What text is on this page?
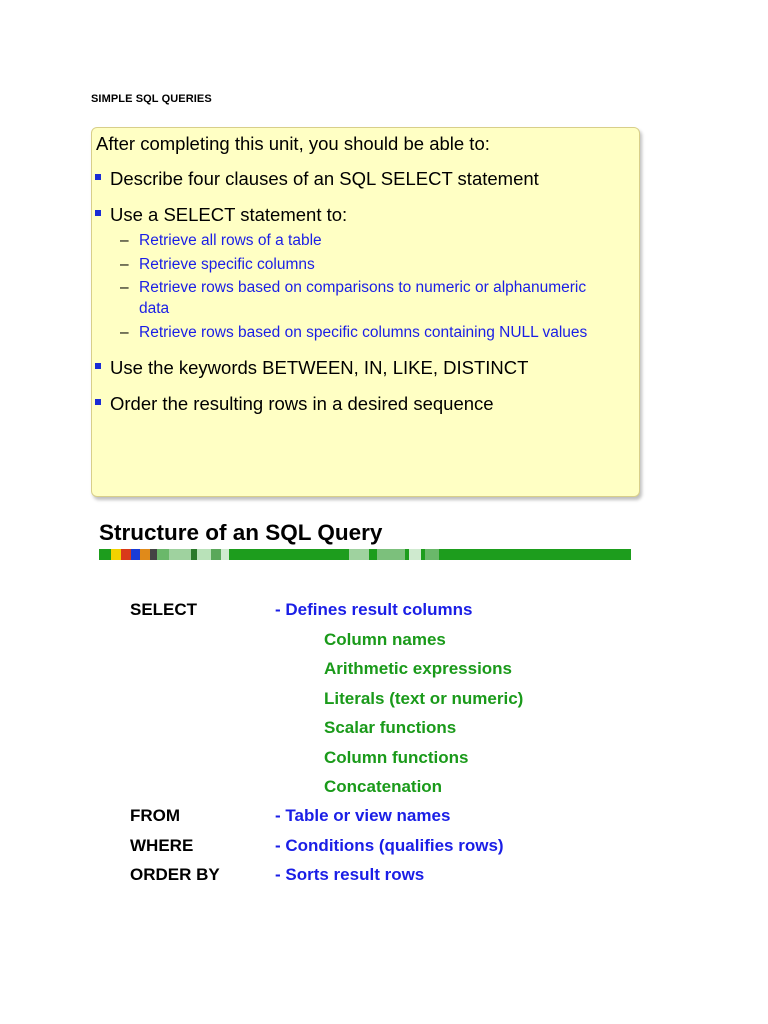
SIMPLE SQL QUERIES
After completing this unit, you should be able to:
Describe four clauses of an SQL SELECT statement
Use a SELECT statement to:
– Retrieve all rows of a table
– Retrieve specific columns
– Retrieve rows based on comparisons to numeric or alphanumeric
data
– Retrieve rows based on specific columns containing NULL values
Use the keywords BETWEEN, IN, LIKE, DISTINCT
Order the resulting rows in a desired sequence
Structure of an SQL Query
SELECT	- Defines result columns
Column names
Arithmetic expressions
Literals (text or numeric)
Scalar functions
Column functions
Concatenation
FROM	- Table or view names
WHERE	- Conditions (qualifies rows)
ORDER BY	- Sorts result rows
